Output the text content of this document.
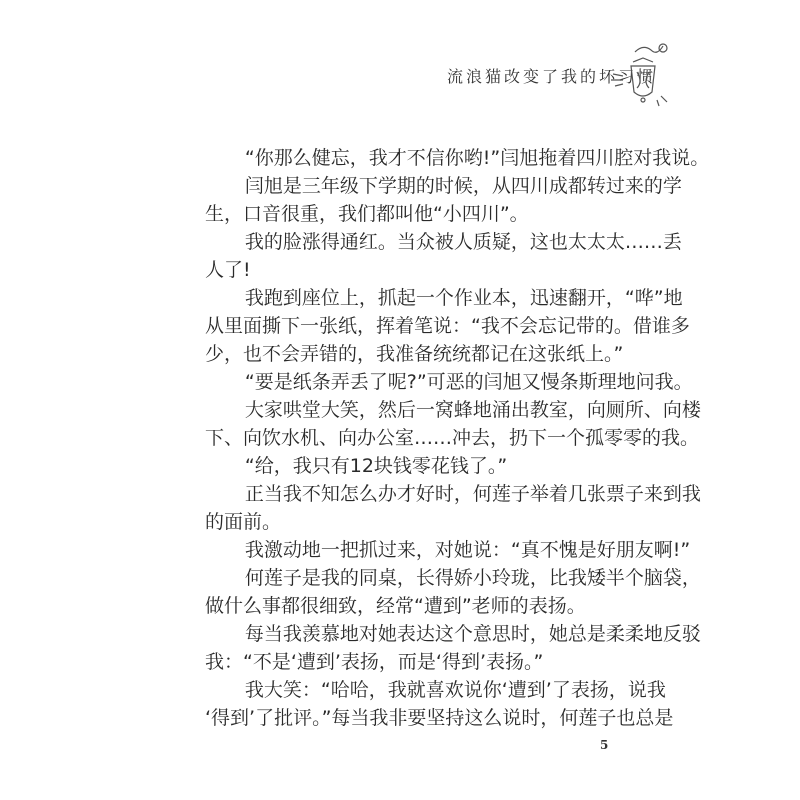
流浪猫改变了我的坏习惯
“你那么健忘，我才不信你哟!”闫旭拖着四川腔对我说。
闫旭是三年级下学期的时候，从四川成都转过来的学
生，口音很重，我们都叫他“小四川”。
我的脸涨得通红。当众被人质疑，这也太太太……丢
人了!
我跑到座位上，抓起一个作业本，迅速翻开，“哗”地
从里面撕下一张纸，挥着笔说：“我不会忘记带的。借谁多
少，也不会弄错的，我准备统统都记在这张纸上。”
“要是纸条弄丢了呢?”可恶的闫旭又慢条斯理地问我。
大家哄堂大笑，然后一窝蜂地涌出教室，向厕所、向楼
下、向饮水机、向办公室……冲去，扔下一个孤零零的我。
“给，我只有12块钱零花钱了。”
正当我不知怎么办才好时，何莲子举着几张票子来到我
的面前。
我激动地一把抓过来，对她说：“真不愧是好朋友啊!”
何莲子是我的同桌，长得娇小玲珑，比我矮半个脑袋，
做什么事都很细致，经常“遭到”老师的表扬。
每当我羡慕地对她表达这个意思时，她总是柔柔地反驳
我：“不是‘遭到’表扬，而是‘得到’表扬。”
我大笑：“哈哈，我就喜欢说你‘遭到’了表扬，说我
‘得到’了批评。”每当我非要坚持这么说时，何莲子也总是
5
